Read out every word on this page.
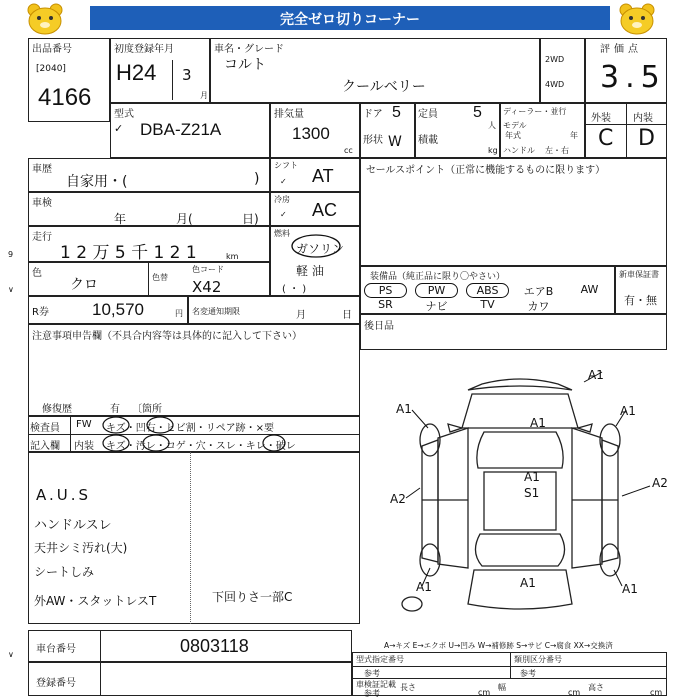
完全ゼロ切りコーナー
9
∨
∨
出品番号
[2040]
4166
初度登録年月
H24 3
月
車名・グレード
コルト
クールベリー
2WD
4WD
評価点
3.5
型式
✓ DBA-Z21A
排気量
1300
cc
ドア 5
形状 W
定員 5
人
積載
kg
ディーラー・並行
モデル
年式	年
ハンドル 左・右
外装 内装
C D
車歴
自家用・(	)
シフト
✓ AT
車検
年	月(	日)
冷房
✓ AC
走行
1 2 万 5 千 1 2 1	km
燃料
ガソリン
軽 油
( ・ )
色
クロ	色替
色コード
X42
R券	10,570	円 名変通知期限	月	日
セールスポイント（正常に機能するものに限ります）
装備品（純正品に限り〇やさい）
PS	PW	ABS	エアB	AW
SR	ナビ	TV	カワ
新車保証書
有・無
後日品
注意事項申告欄（不具合内容等は具体的に記入して下さい）
修復歴	有 〔箇所
検査員
記入欄
FW
内装
キズ・凹右・ヒビ割・リペア跡・×要
キズ・汚レ・コゲ・穴・スレ・キレ・破レ
A.U.S
ハンドルスレ
天井シミ汚れ(大)
シートしみ
外AW・スタットレスT	下回りさ一部C
A1
A1
A1	A1
A2
A2
A1
S1
A1	A1	A1
A→キズ E→エクボ U→凹み W→補修跡 S→サビ C→腐食 XX→交換済
車台番号	0803118
登録番号
型式指定番号
参考
類別区分番号
参考
車検証記載
参考
長さ
cm
幅
cm
高さ
cm
